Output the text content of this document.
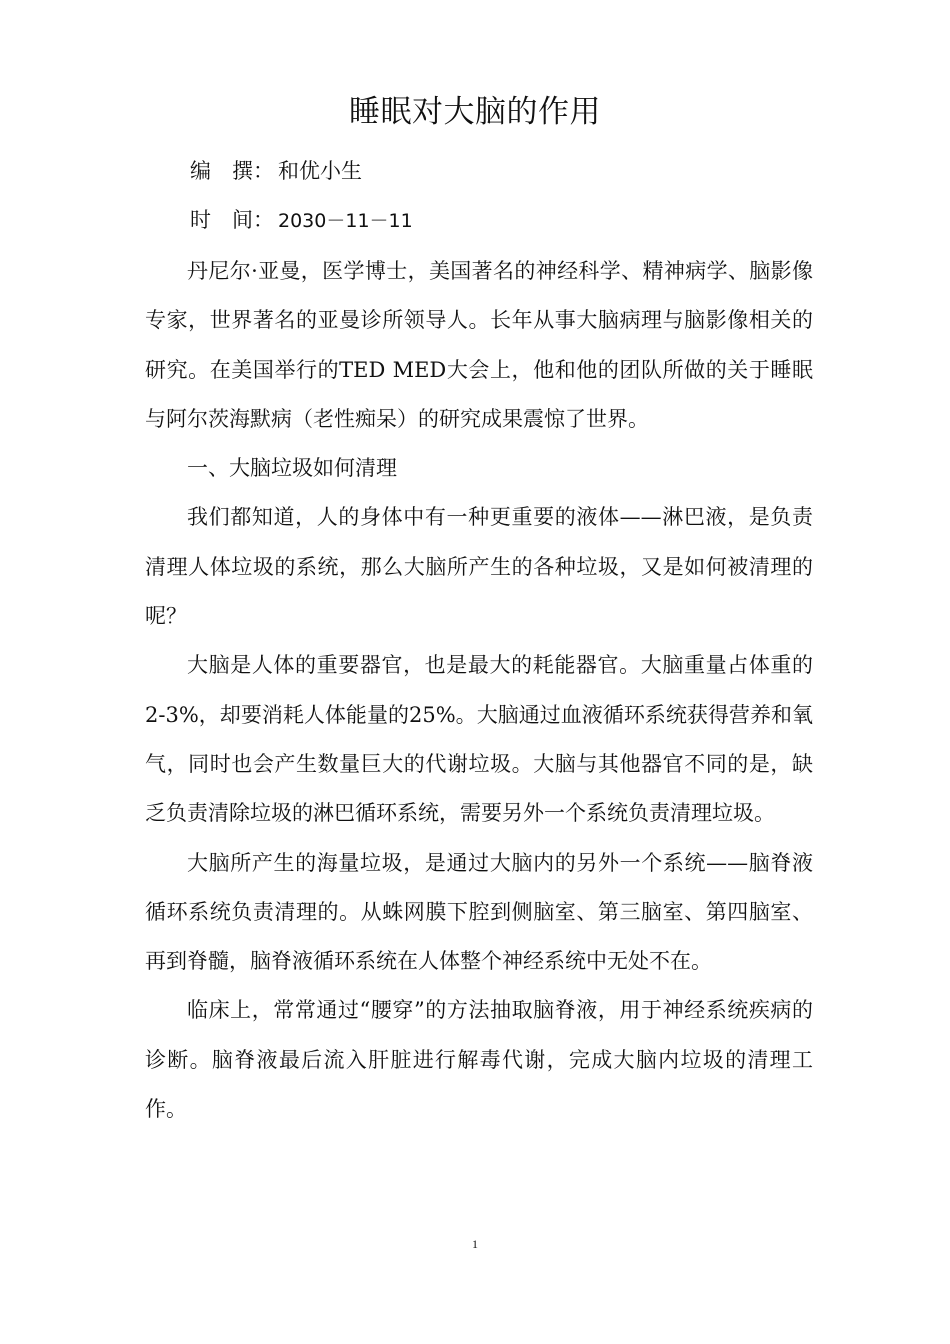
睡眠对大脑的作用
编　撰： 和优小生
时　间： 2030－11－11

丹尼尔·亚曼，医学博士，美国著名的神经科学、精神病学、脑影像专家，世界著名的亚曼诊所领导人。长年从事大脑病理与脑影像相关的研究。在美国举行的TED MED大会上，他和他的团队所做的关于睡眠与阿尔茨海默病（老性痴呆）的研究成果震惊了世界。

一、大脑垃圾如何清理

我们都知道，人的身体中有一种更重要的液体——淋巴液，是负责清理人体垃圾的系统，那么大脑所产生的各种垃圾，又是如何被清理的呢？

大脑是人体的重要器官，也是最大的耗能器官。大脑重量占体重的2-3%，却要消耗人体能量的25%。大脑通过血液循环系统获得营养和氧气，同时也会产生数量巨大的代谢垃圾。大脑与其他器官不同的是，缺乏负责清除垃圾的淋巴循环系统，需要另外一个系统负责清理垃圾。

大脑所产生的海量垃圾，是通过大脑内的另外一个系统——脑脊液循环系统负责清理的。从蛛网膜下腔到侧脑室、第三脑室、第四脑室、再到脊髓，脑脊液循环系统在人体整个神经系统中无处不在。

临床上，常常通过“腰穿”的方法抽取脑脊液，用于神经系统疾病的诊断。脑脊液最后流入肝脏进行解毒代谢，完成大脑内垃圾的清理工作。

1
